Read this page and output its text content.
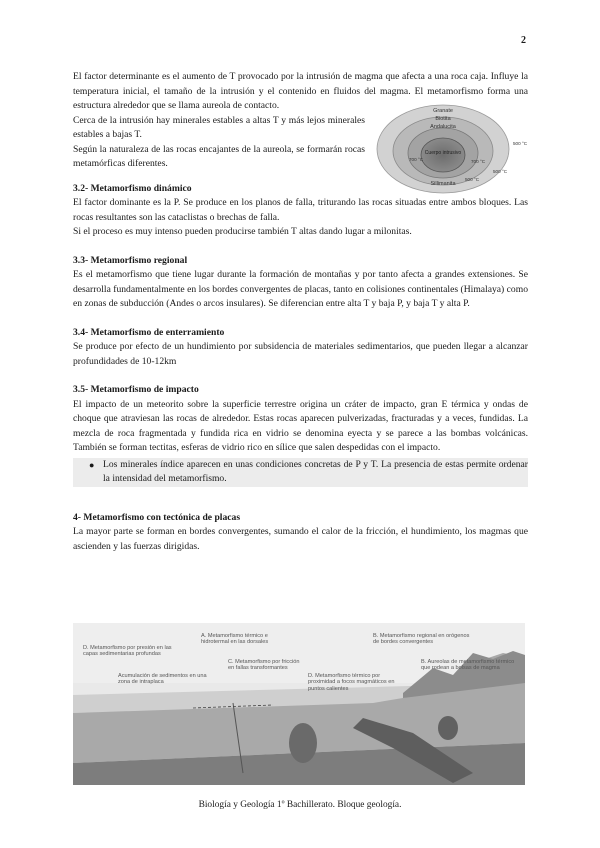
2

El factor determinante es el aumento de T provocado por la intrusión de magma que afecta a una roca caja. Influye la temperatura inicial, el tamaño de la intrusión y el contenido en fluidos del magma. El metamorfismo forma una estructura alrededor que se llama aureola de contacto.

Cerca de la intrusión hay minerales estables a altas T y más lejos minerales estables a bajas T.

Según la naturaleza de las rocas encajantes de la aureola, se formarán rocas metamórficas diferentes.

3.2- Metamorfismo dinámico

El factor dominante es la P. Se produce en los planos de falla, triturando las rocas situadas entre ambos bloques. Las rocas resultantes son las cataclistas o brechas de falla.

Si el proceso es muy intenso pueden producirse también T altas dando lugar a milonitas.

3.3- Metamorfismo regional

Es el metamorfismo que tiene lugar durante la formación de montañas y por tanto afecta a grandes extensiones. Se desarrolla fundamentalmente en los bordes convergentes de placas, tanto en colisiones continentales (Himalaya) como en zonas de subducción (Andes o arcos insulares). Se diferencian entre alta T y baja P, y baja T y alta P.

3.4- Metamorfismo de enterramiento

Se produce por efecto de un hundimiento por subsidencia de materiales sedimentarios, que pueden llegar a alcanzar profundidades de 10-12km

3.5- Metamorfismo de impacto

El impacto de un meteorito sobre la superficie terrestre origina un cráter de impacto, gran E térmica y ondas de choque que atraviesan las rocas de alrededor. Estas rocas aparecen pulverizadas, fracturadas y a veces, fundidas. La mezcla de roca fragmentada y fundida rica en vidrio se denomina eyecta y se parece a las bombas volcánicas. También se forman tectitas, esferas de vidrio rico en sílice que salen despedidas con el impacto.

● Los minerales índice aparecen en unas condiciones concretas de P y T. La presencia de estas permite ordenar la intensidad del metamorfismo.

4- Metamorfismo con tectónica de placas

La mayor parte se forman en bordes convergentes, sumando el calor de la fricción, el hundimiento, los magmas que ascienden y las fuerzas dirigidas.

Granate
Biotita
Andalucita
Cuerpo intrusivo
Sillimanita
500 °C
700 °C
500 °C
700 °C
500 °C
A. Metamorfismo térmico e hidrotermal en las dorsales
B. Metamorfismo regional en orógenos de bordes convergentes
D. Metamorfismo por presión en las capas sedimentarias profundas
C. Metamorfismo por fricción en fallas transformantes
Acumulación de sedimentos en una zona de intraplaca
D. Metamorfismo térmico por proximidad a focos magmáticos en puntos calientes
B. Aureolas de metamorfismo térmico que rodean a bolsas de magma
Biología y Geología 1º Bachillerato. Bloque geología.
